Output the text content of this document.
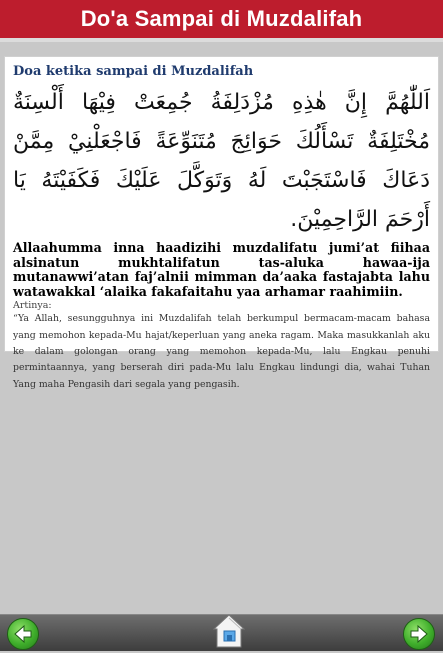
Do'a Sampai di Muzdalifah
Doa ketika sampai di Muzdalifah
اَللّٰهُمَّ إِنَّ هٰذِهِ مُزْدَلِفَةُ جُمِعَتْ فِيْهَا أَلْسِنَةٌ مُخْتَلِفَةٌ تَسْأَلُكَ حَوَائِجَ مُتَنَوِّعَةً فَاجْعَلْنِيْ مِمَّنْ دَعَاكَ فَاسْتَجَبْتَ لَهُ وَتَوَكَّلَ عَلَيْكَ فَكَفَيْتَهُ يَا أَرْحَمَ الرَّاحِمِيْنَ.

Allaahumma inna haadizihi muzdalifatu jumi’at fiihaa alsinatun mukhtalifatun tas-aluka hawaa-ija mutanawwi’atan faj’alnii mimman da’aaka fastajabta lahu watawakkal ‘alaika fakafaitahu yaa arhamar raahimiin.

Artinya:

“Ya Allah, sesungguhnya ini Muzdalifah telah berkumpul bermacam-macam bahasa yang memohon kepada-Mu hajat/keperluan yang aneka ragam. Maka masukkanlah aku ke dalam golongan orang yang memohon kepada-Mu, lalu Engkau penuhi permintaannya, yang berserah diri pada-Mu lalu Engkau lindungi dia, wahai Tuhan Yang maha Pengasih dari segala yang pengasih.
